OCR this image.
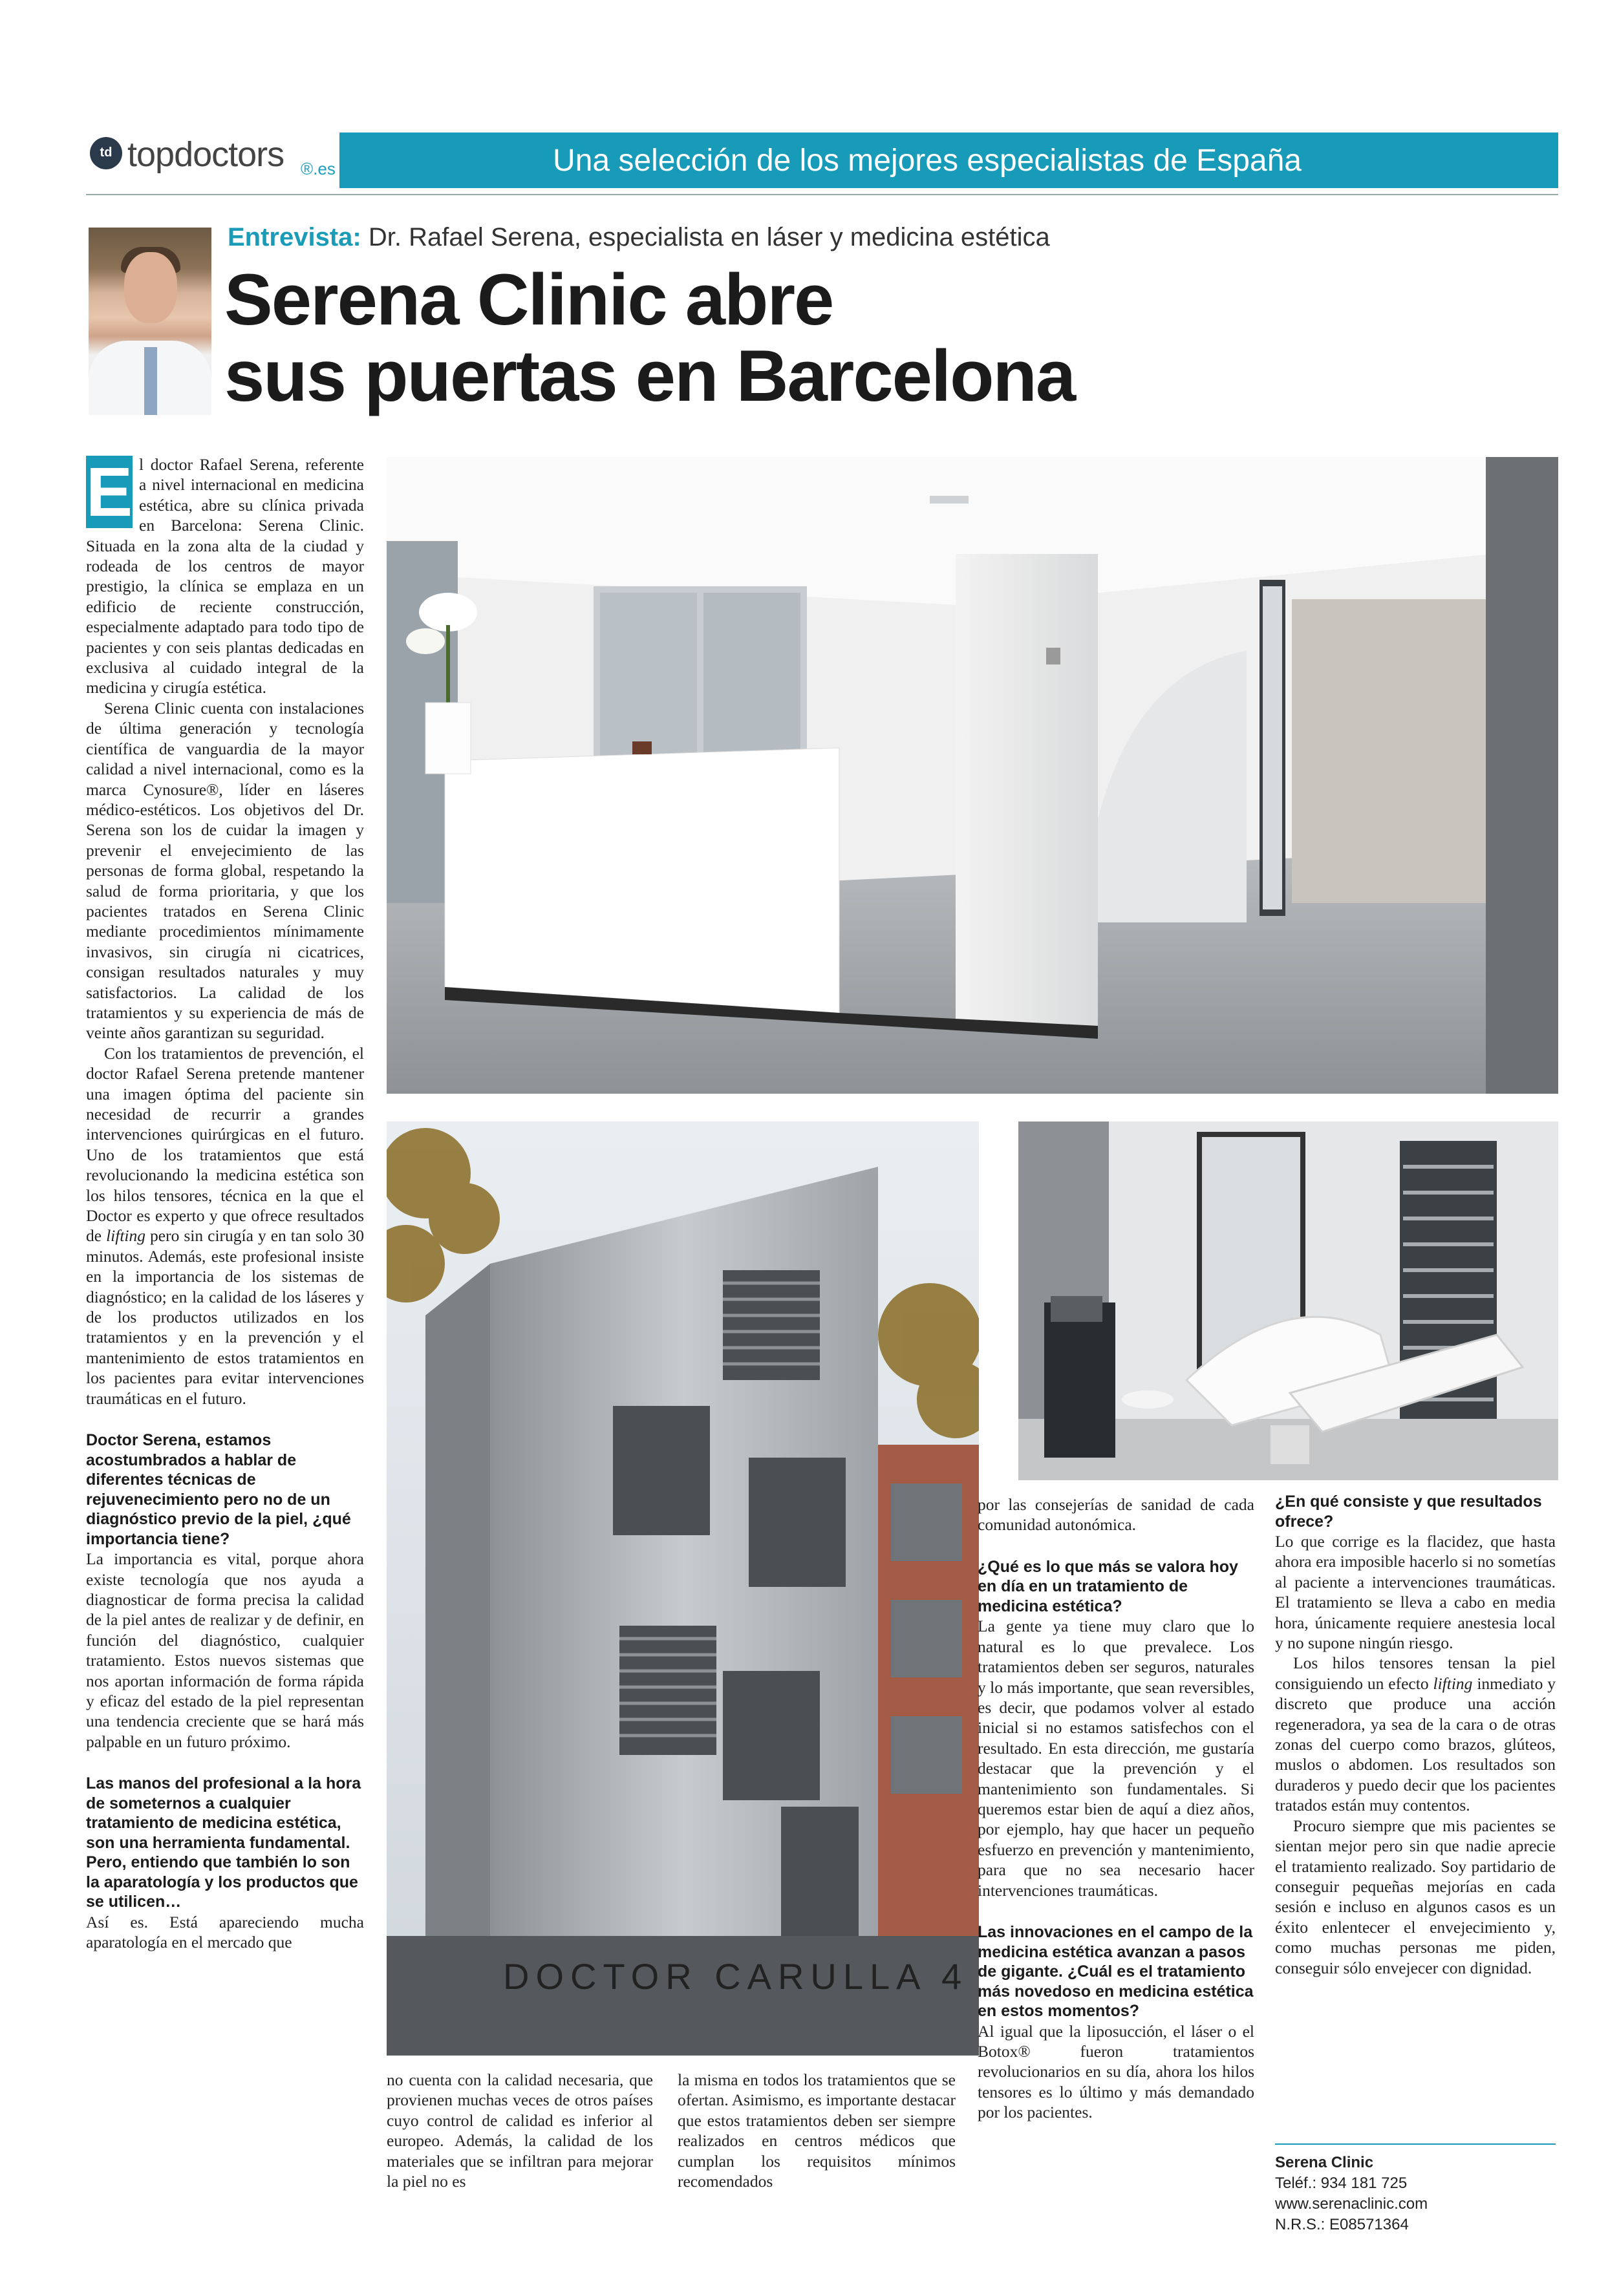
td topdoctors ®.es	Una selección de los mejores especialistas de España
Entrevista: Dr. Rafael Serena, especialista en láser y medicina estética
Serena Clinic abre
sus puertas en Barcelona

E l doctor Rafael Serena, referente a nivel internacional en medicina estética, abre su clínica privada en Barcelona: Serena Clinic. Situada en la zona alta de la ciudad y rodeada de los centros de mayor prestigio, la clínica se emplaza en un edificio de reciente construcción, especialmente adaptado para todo tipo de pacientes y con seis plantas dedicadas en exclusiva al cuidado integral de la medicina y cirugía estética.

Serena Clinic cuenta con instalaciones de última generación y tecnología científica de vanguardia de la mayor calidad a nivel internacional, como es la marca Cynosure®, líder en láseres médico-estéticos. Los objetivos del Dr. Serena son los de cuidar la imagen y prevenir el envejecimiento de las personas de forma global, respetando la salud de forma prioritaria, y que los pacientes tratados en Serena Clinic mediante procedimientos mínimamente invasivos, sin cirugía ni cicatrices, consigan resultados naturales y muy satisfactorios. La calidad de los tratamientos y su experiencia de más de veinte años garantizan su seguridad.

Con los tratamientos de prevención, el doctor Rafael Serena pretende mantener una imagen óptima del paciente sin necesidad de recurrir a grandes intervenciones quirúrgicas en el futuro. Uno de los tratamientos que está revolucionando la medicina estética son los hilos tensores, técnica en la que el Doctor es experto y que ofrece resultados de lifting pero sin cirugía y en tan solo 30 minutos. Además, este profesional insiste en la importancia de los sistemas de diagnóstico; en la calidad de los láseres y de los productos utilizados en los tratamientos y en la prevención y el mantenimiento de estos tratamientos en los pacientes para evitar intervenciones traumáticas en el futuro.

Doctor Serena, estamos acostumbrados a hablar de diferentes técnicas de rejuvenecimiento pero no de un diagnóstico previo de la piel, ¿qué importancia tiene?

La importancia es vital, porque ahora existe tecnología que nos ayuda a diagnosticar de forma precisa la calidad de la piel antes de realizar y de definir, en función del diagnóstico, cualquier tratamiento. Estos nuevos sistemas que nos aportan información de forma rápida y eficaz del estado de la piel representan una tendencia creciente que se hará más palpable en un futuro próximo.

Las manos del profesional a la hora de someternos a cualquier tratamiento de medicina estética, son una herramienta fundamental. Pero, entiendo que también lo son la aparatología y los productos que se utilicen…

Así es. Está apareciendo mucha aparatología en el mercado que

DOCTOR CARULLA 4

no cuenta con la calidad necesaria, que provienen muchas veces de otros países cuyo control de calidad es inferior al europeo. Además, la calidad de los materiales que se infiltran para mejorar la piel no es

la misma en todos los tratamientos que se ofertan. Asimismo, es importante destacar que estos tratamientos deben ser siempre realizados en centros médicos que cumplan los requisitos mínimos recomendados

por las consejerías de sanidad de cada comunidad autonómica.

¿Qué es lo que más se valora hoy en día en un tratamiento de medicina estética?

La gente ya tiene muy claro que lo natural es lo que prevalece. Los tratamientos deben ser seguros, naturales y lo más importante, que sean reversibles, es decir, que podamos volver al estado inicial si no estamos satisfechos con el resultado. En esta dirección, me gustaría destacar que la prevención y el mantenimiento son fundamentales. Si queremos estar bien de aquí a diez años, por ejemplo, hay que hacer un pequeño esfuerzo en prevención y mantenimiento, para que no sea necesario hacer intervenciones traumáticas.

Las innovaciones en el campo de la medicina estética avanzan a pasos de gigante. ¿Cuál es el tratamiento más novedoso en medicina estética en estos momentos?

Al igual que la liposucción, el láser o el Botox® fueron tratamientos revolucionarios en su día, ahora los hilos tensores es lo último y más demandado por los pacientes.

¿En qué consiste y que resultados ofrece?

Lo que corrige es la flacidez, que hasta ahora era imposible hacerlo si no sometías al paciente a intervenciones traumáticas. El tratamiento se lleva a cabo en media hora, únicamente requiere anestesia local y no supone ningún riesgo.

Los hilos tensores tensan la piel consiguiendo un efecto lifting inmediato y discreto que produce una acción regeneradora, ya sea de la cara o de otras zonas del cuerpo como brazos, glúteos, muslos o abdomen. Los resultados son duraderos y puedo decir que los pacientes tratados están muy contentos.

Procuro siempre que mis pacientes se sientan mejor pero sin que nadie aprecie el tratamiento realizado. Soy partidario de conseguir pequeñas mejorías en cada sesión e incluso en algunos casos es un éxito enlentecer el envejecimiento y, como muchas personas me piden, conseguir sólo envejecer con dignidad.

Serena Clinic
Teléf.: 934 181 725
www.serenaclinic.com
N.R.S.: E08571364
